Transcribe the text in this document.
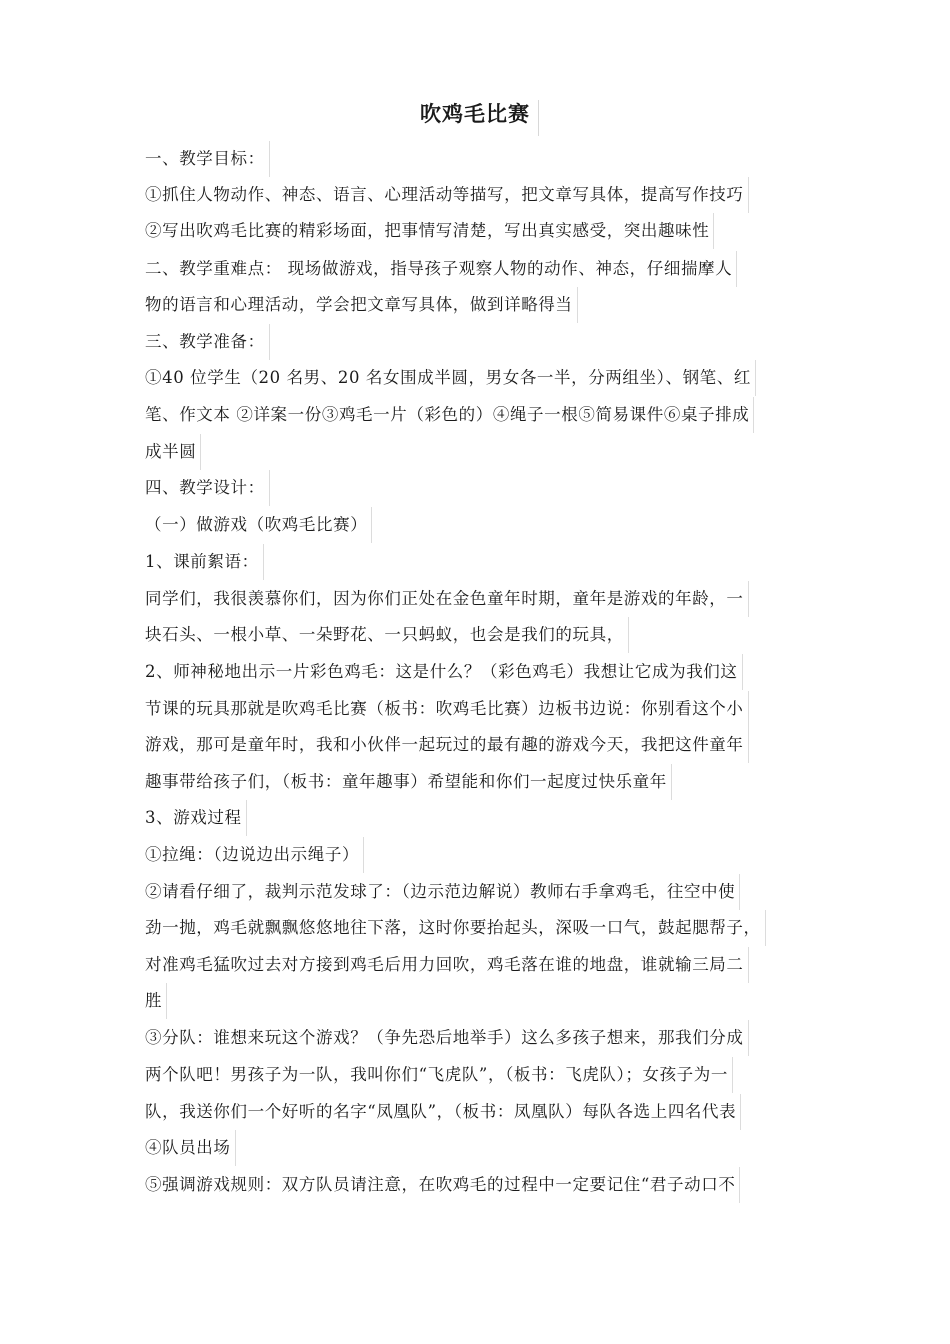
吹鸡毛比赛
一、教学目标：
①抓住人物动作、神态、语言、心理活动等描写，把文章写具体，提高写作技巧
②写出吹鸡毛比赛的精彩场面，把事情写清楚，写出真实感受，突出趣味性
二、教学重难点： 现场做游戏，指导孩子观察人物的动作、神态，仔细揣摩人
物的语言和心理活动，学会把文章写具体，做到详略得当
三、教学准备：
①40 位学生（20 名男、20 名女围成半圆，男女各一半，分两组坐）、钢笔、红
笔、作文本 ②详案一份③鸡毛一片（彩色的）④绳子一根⑤简易课件⑥桌子排成
成半圆
四、教学设计：
（一）做游戏（吹鸡毛比赛）
1、课前絮语：
同学们，我很羡慕你们，因为你们正处在金色童年时期，童年是游戏的年龄，一
块石头、一根小草、一朵野花、一只蚂蚁，也会是我们的玩具，
2、师神秘地出示一片彩色鸡毛：这是什么？（彩色鸡毛）我想让它成为我们这
节课的玩具那就是吹鸡毛比赛（板书：吹鸡毛比赛）边板书边说：你别看这个小
游戏，那可是童年时，我和小伙伴一起玩过的最有趣的游戏今天，我把这件童年
趣事带给孩子们，（板书：童年趣事）希望能和你们一起度过快乐童年
3、游戏过程
①拉绳：（边说边出示绳子）
②请看仔细了，裁判示范发球了：（边示范边解说）教师右手拿鸡毛，往空中使
劲一抛，鸡毛就飘飘悠悠地往下落，这时你要抬起头，深吸一口气，鼓起腮帮子，
对准鸡毛猛吹过去对方接到鸡毛后用力回吹，鸡毛落在谁的地盘，谁就输三局二
胜
③分队：谁想来玩这个游戏？（争先恐后地举手）这么多孩子想来，那我们分成
两个队吧！男孩子为一队，我叫你们“飞虎队”，（板书：飞虎队）；女孩子为一
队，我送你们一个好听的名字“凤凰队”，（板书：凤凰队）每队各选上四名代表
④队员出场
⑤强调游戏规则：双方队员请注意，在吹鸡毛的过程中一定要记住“君子动口不
